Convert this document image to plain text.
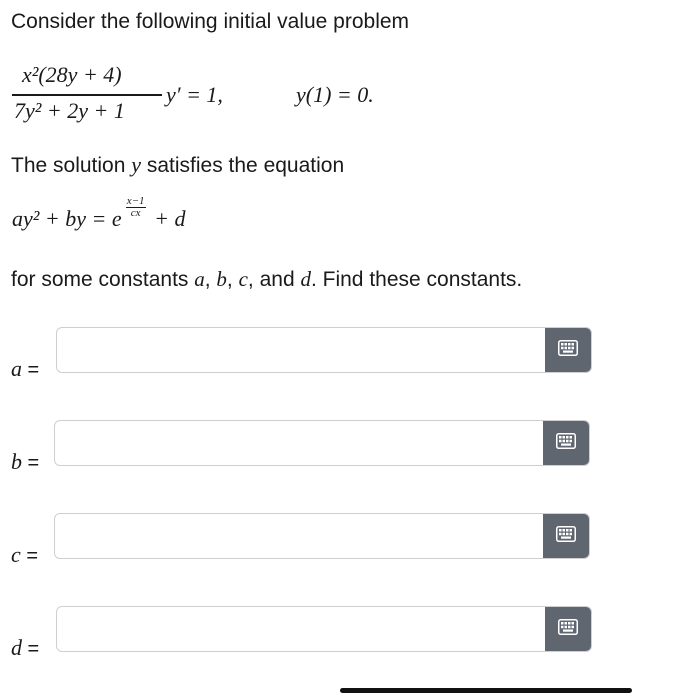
Consider the following initial value problem
x²(28y + 4)
7y² + 2y + 1
y′ = 1,	y(1) = 0.
The solution y satisfies the equation
ay² + by = e $\frac{x-1}{cx} + d$
for some constants a, b, c, and d. Find these constants.
a =
b =
c =
d =
